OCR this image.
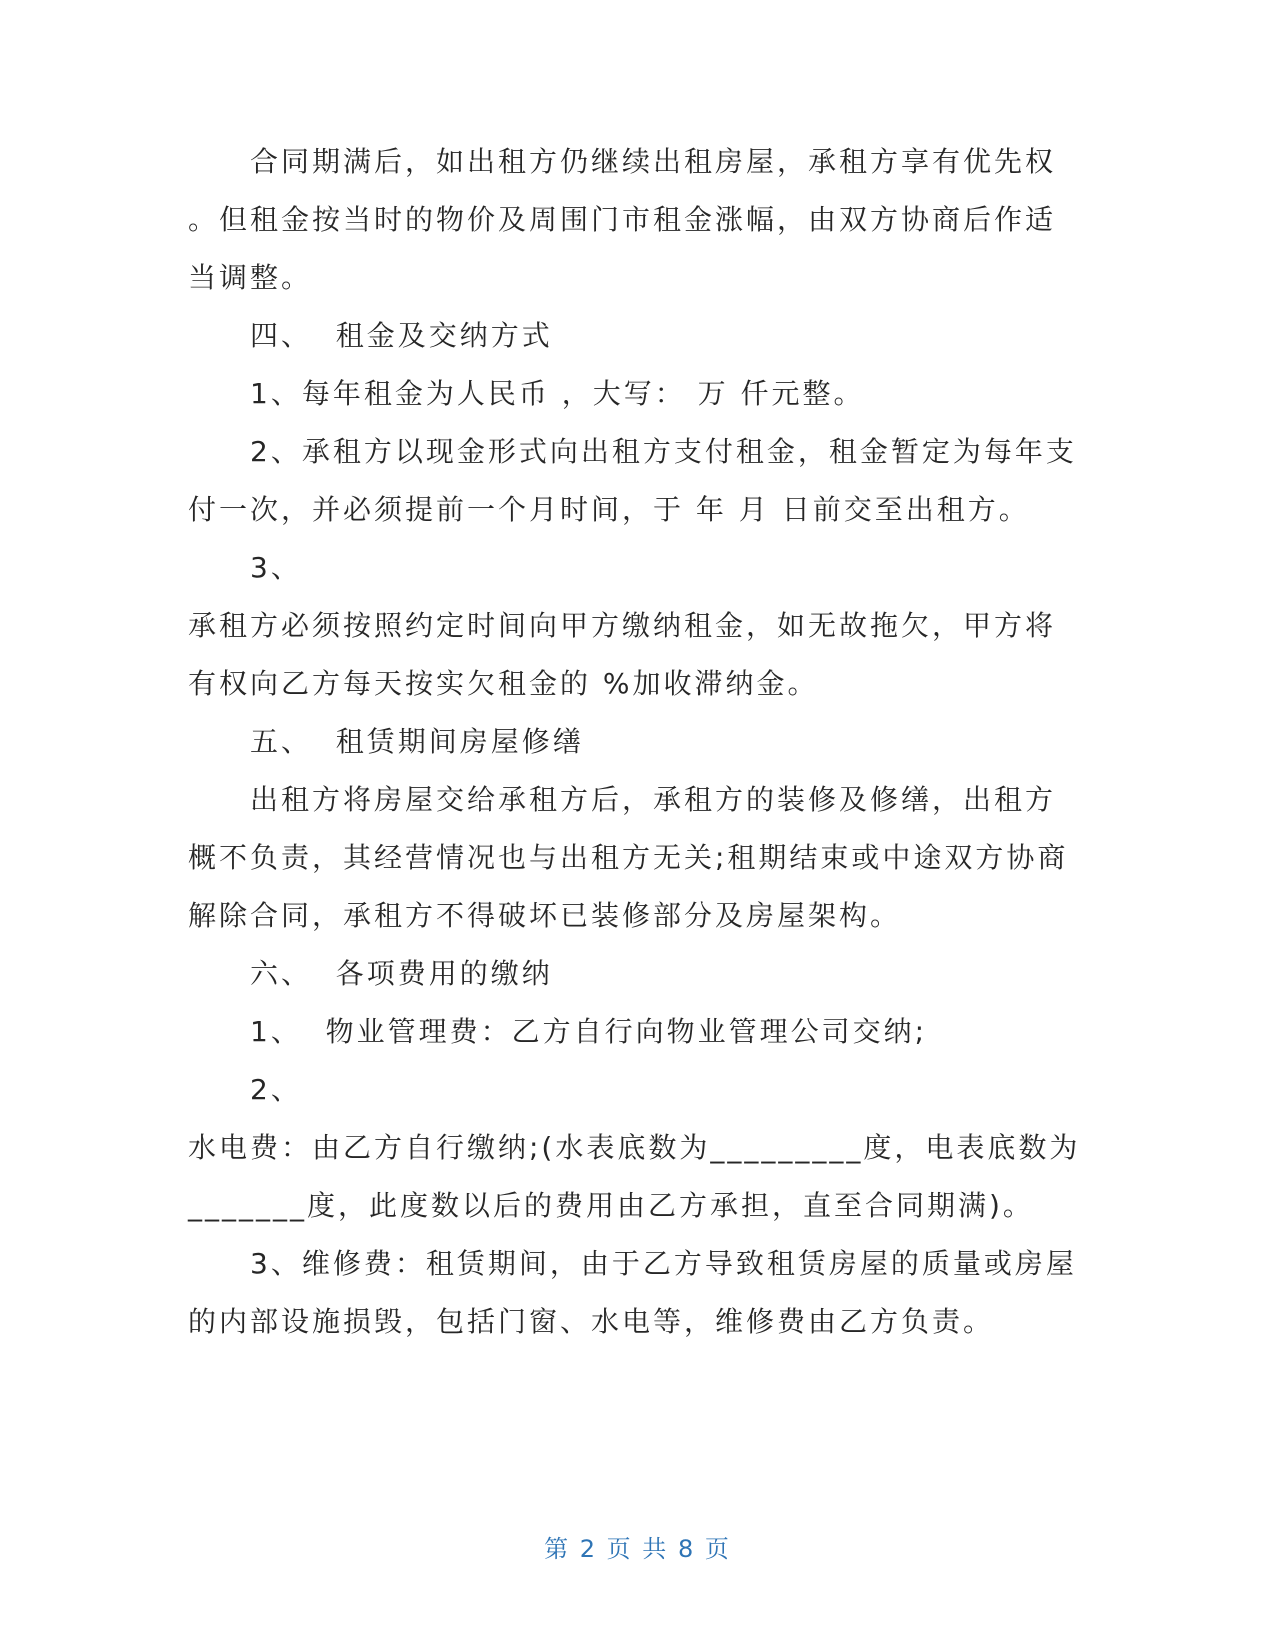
合同期满后，如出租方仍继续出租房屋，承租方享有优先权
。但租金按当时的物价及周围门市租金涨幅，由双方协商后作适
当调整。
四、  租金及交纳方式
1、每年租金为人民币 ，大写： 万 仟元整。
2、承租方以现金形式向出租方支付租金，租金暂定为每年支
付一次，并必须提前一个月时间，于 年 月 日前交至出租方。
3、
承租方必须按照约定时间向甲方缴纳租金，如无故拖欠，甲方将
有权向乙方每天按实欠租金的 %加收滞纳金。
五、  租赁期间房屋修缮
出租方将房屋交给承租方后，承租方的装修及修缮，出租方
概不负责，其经营情况也与出租方无关;租期结束或中途双方协商
解除合同，承租方不得破坏已装修部分及房屋架构。
六、  各项费用的缴纳
1、  物业管理费：乙方自行向物业管理公司交纳;
2、
水电费：由乙方自行缴纳;(水表底数为_________度，电表底数为
_______度，此度数以后的费用由乙方承担，直至合同期满)。
3、维修费：租赁期间，由于乙方导致租赁房屋的质量或房屋
的内部设施损毁，包括门窗、水电等，维修费由乙方负责。
第 2 页 共 8 页
